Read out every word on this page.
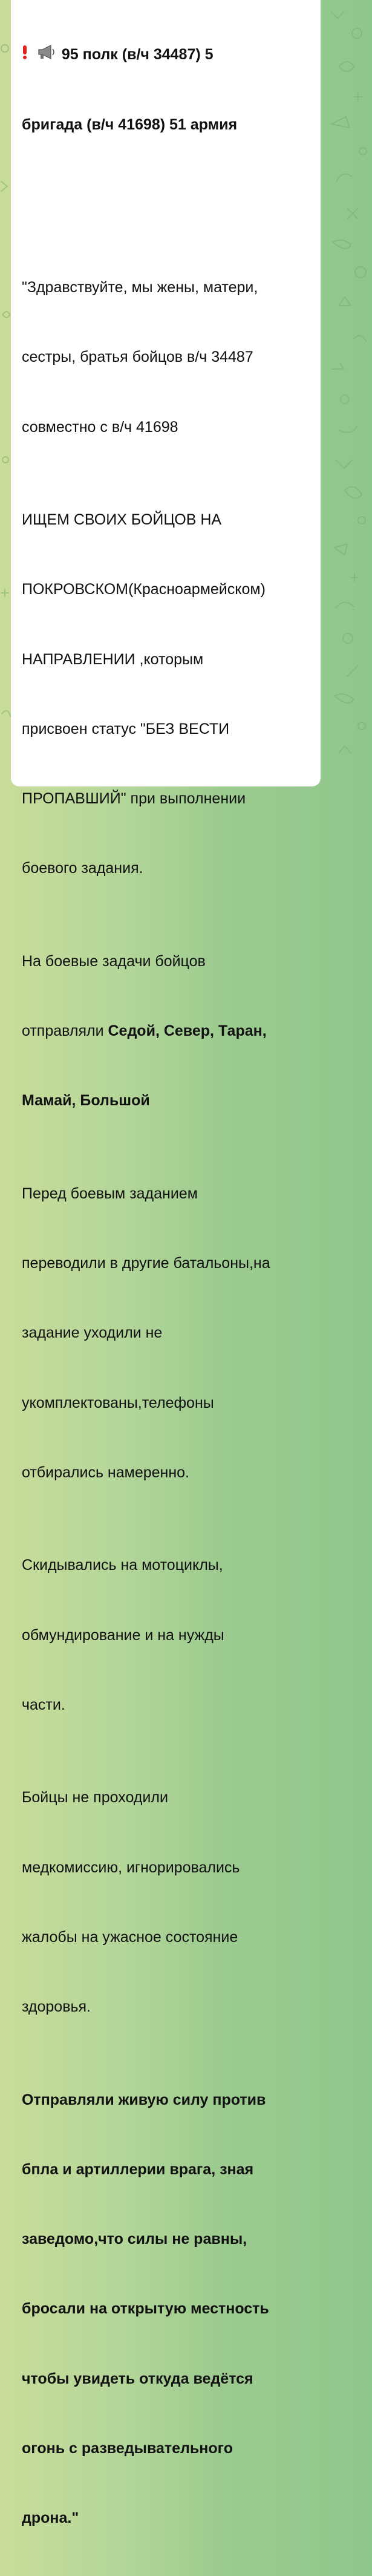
95 полк (в/ч 34487) 5

бригада (в/ч 41698) 51 армия

"Здравствуйте, мы жены, матери,

сестры, братья бойцов в/ч 34487

совместно с в/ч 41698

ИЩЕМ СВОИХ БОЙЦОВ НА

ПОКРОВСКОМ(Красноармейском)

НАПРАВЛЕНИИ ,которым

присвоен статус "БЕЗ ВЕСТИ

ПРОПАВШИЙ" при выполнении

боевого задания.

На боевые задачи бойцов

отправляли Седой, Север, Таран,

Мамай, Большой

Перед боевым заданием

переводили в другие батальоны,на

задание уходили не

укомплектованы,телефоны

отбирались намеренно.

Скидывались на мотоциклы,

обмундирование и на нужды

части.

Бойцы не проходили

медкомиссию, игнорировались

жалобы на ужасное состояние

здоровья.

Отправляли живую силу против

бпла и артиллерии врага, зная

заведомо,что силы не равны,

бросали на открытую местность

чтобы увидеть откуда ведётся

огонь с разведывательного

дрона."
